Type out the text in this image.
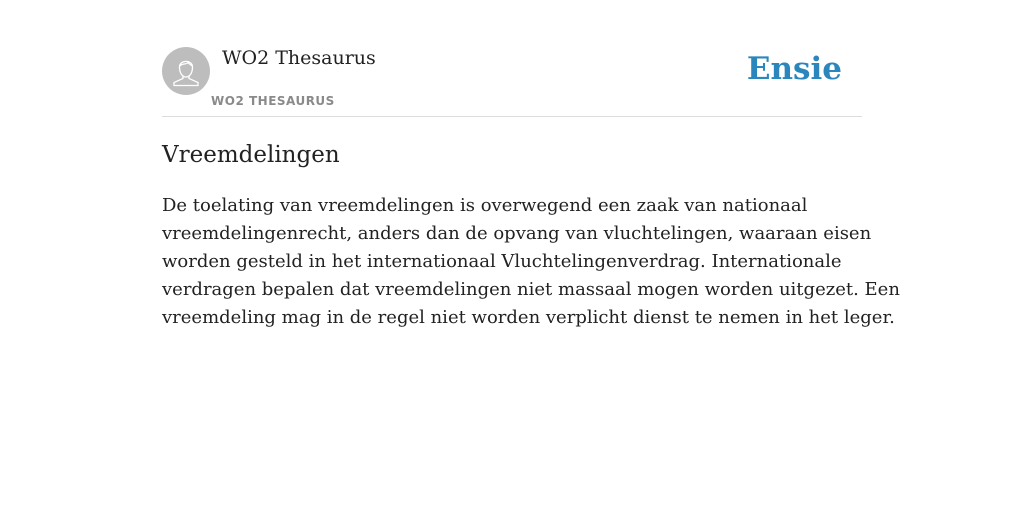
WO2 Thesaurus
WO2 THESAURUS
Ensie
Vreemdelingen

De toelating van vreemdelingen is overwegend een zaak van nationaal
vreemdelingenrecht, anders dan de opvang van vluchtelingen, waaraan eisen
worden gesteld in het internationaal Vluchtelingenverdrag. Internationale
verdragen bepalen dat vreemdelingen niet massaal mogen worden uitgezet. Een
vreemdeling mag in de regel niet worden verplicht dienst te nemen in het leger.
